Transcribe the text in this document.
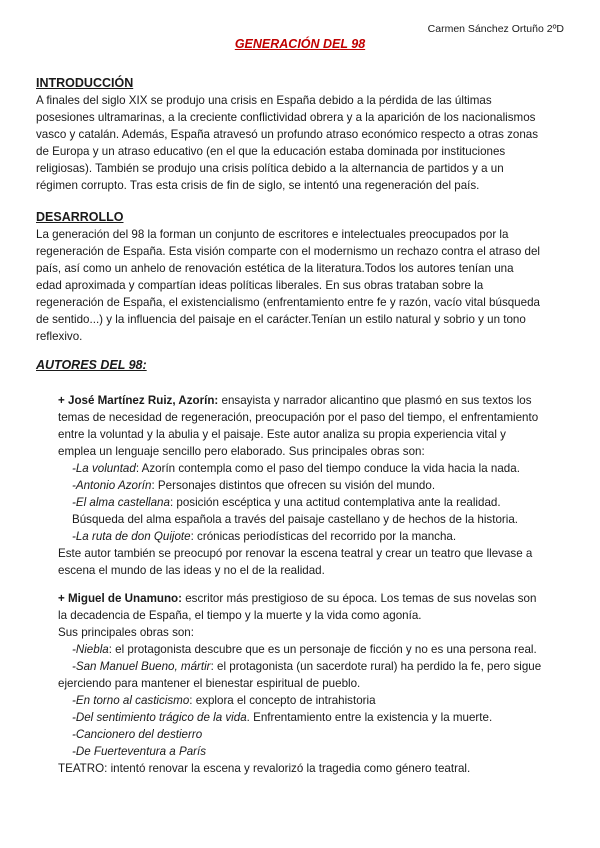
Carmen Sánchez Ortuño 2ºD
GENERACIÓN DEL 98
INTRODUCCIÓN
A finales del siglo XIX se produjo una crisis en España debido a la pérdida de las últimas
posesiones ultramarinas, a la creciente conflictividad obrera y a la aparición de los nacionalismos
vasco y catalán. Además, España atravesó un profundo atraso económico respecto a otras zonas
de Europa y un atraso educativo (en el que la educación estaba dominada por instituciones
religiosas). También se produjo una crisis política debido a la alternancia de partidos y a un
régimen corrupto. Tras esta crisis de fin de siglo, se intentó una regeneración del país.
DESARROLLO
La generación del 98 la forman un conjunto de escritores e intelectuales preocupados por la
regeneración de España. Esta visión comparte con el modernismo un rechazo contra el atraso del
país, así como un anhelo de renovación estética de la literatura.Todos los autores tenían una
edad aproximada y compartían ideas políticas liberales. En sus obras trataban sobre la
regeneración de España, el existencialismo (enfrentamiento entre fe y razón, vacío vital búsqueda
de sentido...) y la influencia del paisaje en el carácter.Tenían un estilo natural y sobrio y un tono
reflexivo.
AUTORES DEL 98:
+ José Martínez Ruiz, Azorín: ensayista y narrador alicantino que plasmó en sus textos los
temas de necesidad de regeneración, preocupación por el paso del tiempo, el enfrentamiento
entre la voluntad y la abulia y el paisaje. Este autor analiza su propia experiencia vital y
emplea un lenguaje sencillo pero elaborado. Sus principales obras son:
-La voluntad: Azorín contempla como el paso del tiempo conduce la vida hacia la nada.
-Antonio Azorín: Personajes distintos que ofrecen su visión del mundo.
-El alma castellana: posición escéptica y una actitud contemplativa ante la realidad.
Búsqueda del alma española a través del paisaje castellano y de hechos de la historia.
-La ruta de don Quijote: crónicas periodísticas del recorrido por la mancha.
Este autor también se preocupó por renovar la escena teatral y crear un teatro que llevase a
escena el mundo de las ideas y no el de la realidad.
+ Miguel de Unamuno: escritor más prestigioso de su época. Los temas de sus novelas son
la decadencia de España, el tiempo y la muerte y la vida como agonía.
Sus principales obras son:
-Niebla: el protagonista descubre que es un personaje de ficción y no es una persona real.
-San Manuel Bueno, mártir: el protagonista (un sacerdote rural) ha perdido la fe, pero sigue
ejerciendo para mantener el bienestar espiritual de pueblo.
-En torno al casticismo: explora el concepto de intrahistoria
-Del sentimiento trágico de la vida. Enfrentamiento entre la existencia y la muerte.
-Cancionero del destierro
-De Fuerteventura a París
TEATRO: intentó renovar la escena y revalorizó la tragedia como género teatral.
